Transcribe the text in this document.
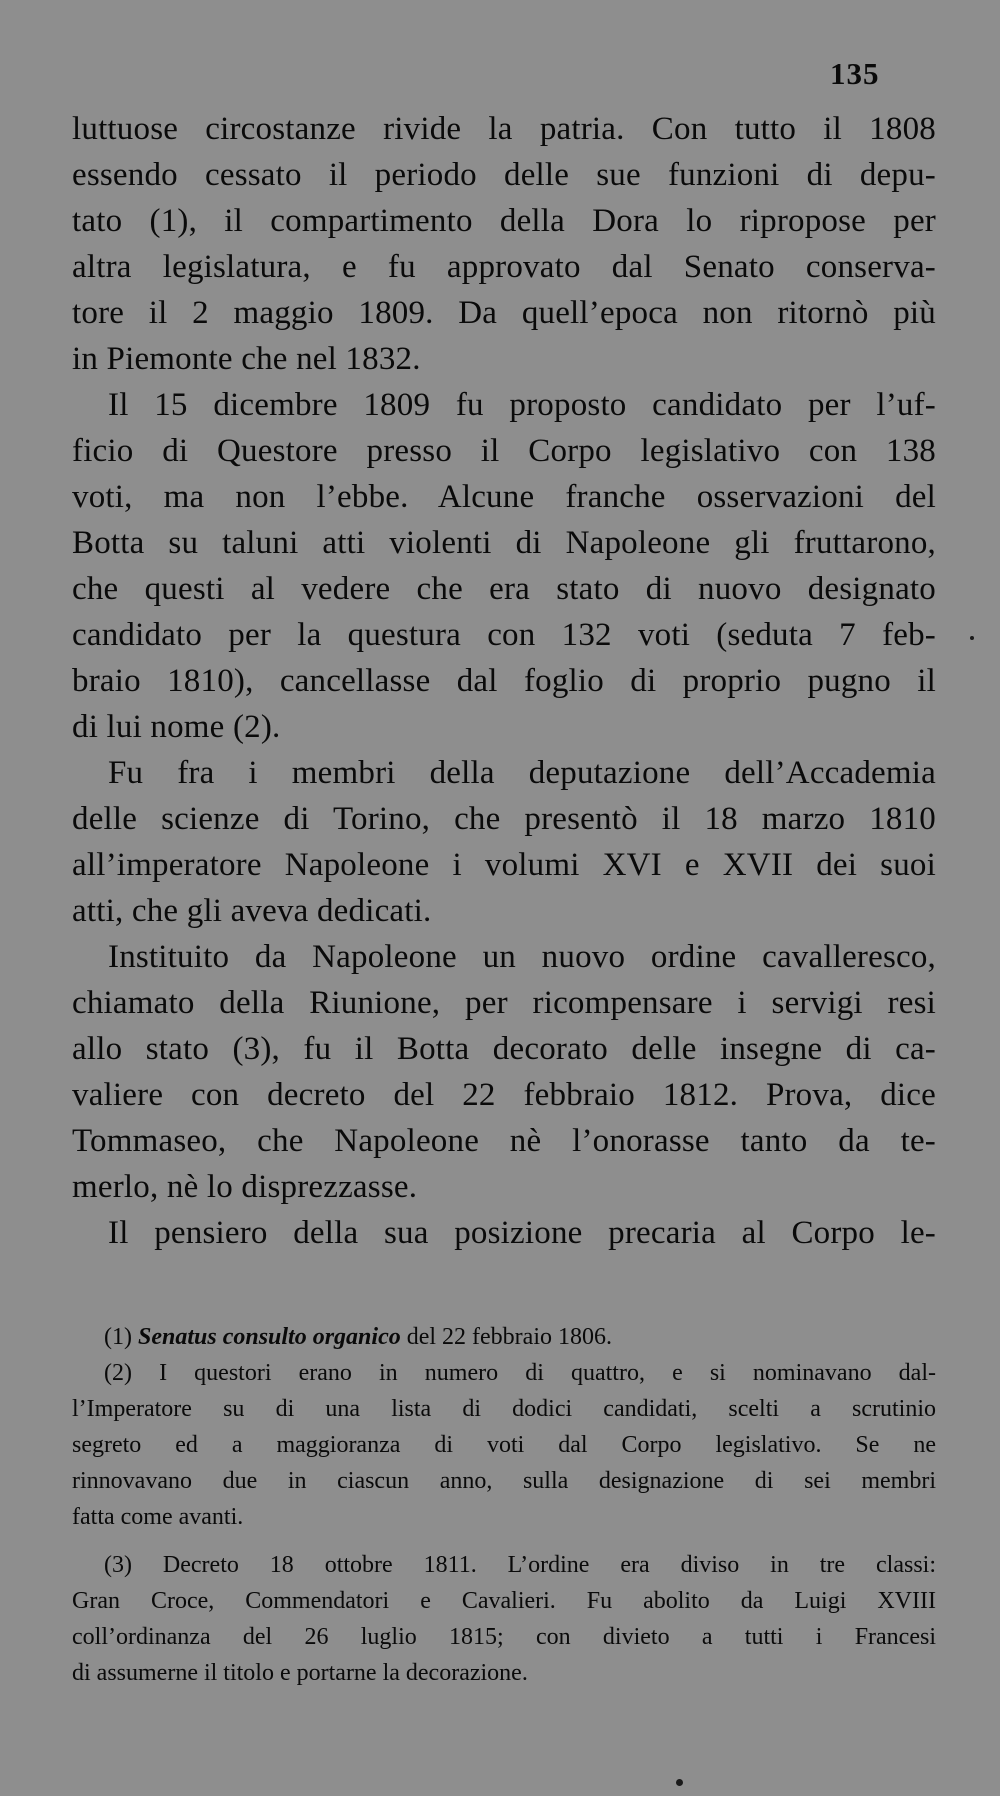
135
luttuose circostanze rivide la patria. Con tutto il 1808
essendo cessato il periodo delle sue funzioni di depu-
tato (1), il compartimento della Dora lo ripropose per
altra legislatura, e fu approvato dal Senato conserva-
tore il 2 maggio 1809. Da quell’epoca non ritornò più
in Piemonte che nel 1832.
Il 15 dicembre 1809 fu proposto candidato per l’uf-
ficio di Questore presso il Corpo legislativo con 138
voti, ma non l’ebbe. Alcune franche osservazioni del
Botta su taluni atti violenti di Napoleone gli fruttarono,
che questi al vedere che era stato di nuovo designato
candidato per la questura con 132 voti (seduta 7 feb-
braio 1810), cancellasse dal foglio di proprio pugno il
di lui nome (2).
Fu fra i membri della deputazione dell’Accademia
delle scienze di Torino, che presentò il 18 marzo 1810
all’imperatore Napoleone i volumi XVI e XVII dei suoi
atti, che gli aveva dedicati.
Instituito da Napoleone un nuovo ordine cavalleresco,
chiamato della Riunione, per ricompensare i servigi resi
allo stato (3), fu il Botta decorato delle insegne di ca-
valiere con decreto del 22 febbraio 1812. Prova, dice
Tommaseo, che Napoleone nè l’onorasse tanto da te-
merlo, nè lo disprezzasse.
Il pensiero della sua posizione precaria al Corpo le-
(1) Senatus consulto organico del 22 febbraio 1806.
(2) I questori erano in numero di quattro, e si nominavano dal-
l’Imperatore su di una lista di dodici candidati, scelti a scrutinio
segreto ed a maggioranza di voti dal Corpo legislativo. Se ne
rinnovavano due in ciascun anno, sulla designazione di sei membri
fatta come avanti.
(3) Decreto 18 ottobre 1811. L’ordine era diviso in tre classi:
Gran Croce, Commendatori e Cavalieri. Fu abolito da Luigi XVIII
coll’ordinanza del 26 luglio 1815; con divieto a tutti i Francesi
di assumerne il titolo e portarne la decorazione.
